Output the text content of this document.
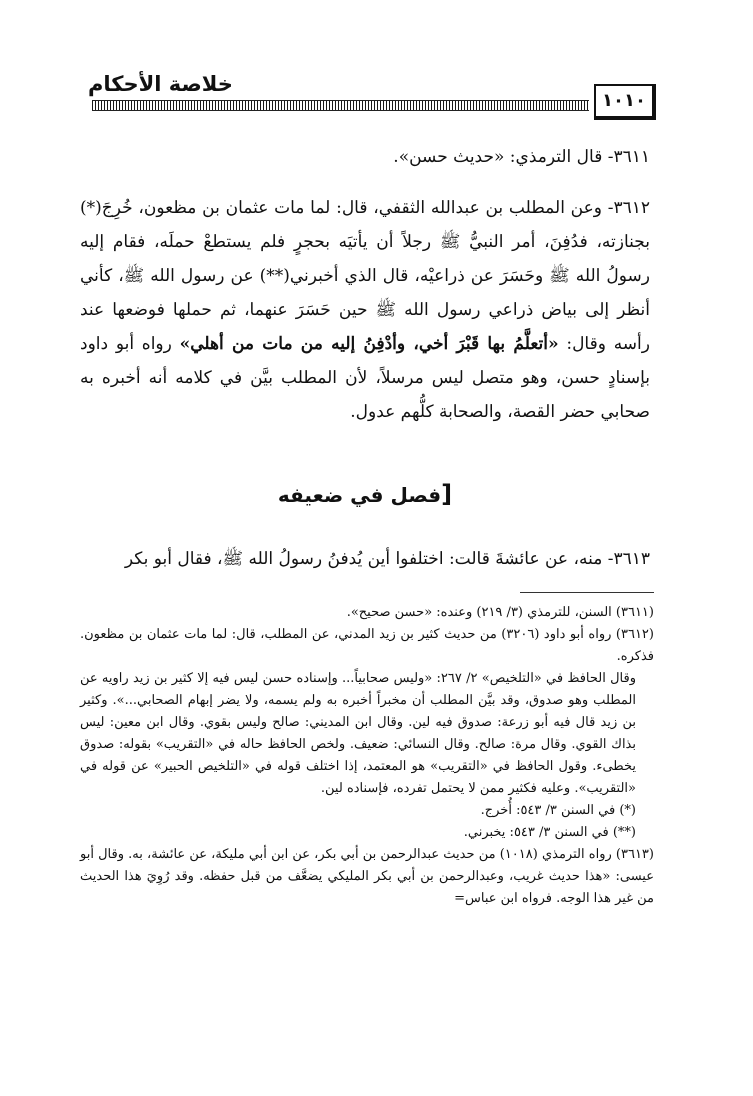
خلاصة الأحكام
١٠١٠

٣٦١١- قال الترمذي: «حديث حسن».

٣٦١٢- وعن المطلب بن عبدالله الثقفي، قال: لما مات عثمان بن مظعون، خُرِجَ(*) بجنازته، فدُفِنَ، أمر النبيُّ ﷺ رجلاً أن يأتيَه بحجرٍ فلم يستطعْ حملَه، فقام إليه رسولُ الله ﷺ وحَسَرَ عن ذراعيْه، قال الذي أخبرني(**) عن رسول الله ﷺ، كأني أنظر إلى بياض ذراعي رسول الله ﷺ حين حَسَرَ عنهما، ثم حملها فوضعها عند رأسه وقال: «أتعلَّمُ بها قَبْرَ أخي، وأدْفِنُ إليه من مات من أهلي» رواه أبو داود بإسنادٍ حسن، وهو متصل ليس مرسلاً، لأن المطلب بيَّن في كلامه أنه أخبره به صحابي حضر القصة، والصحابة كلُّهم عدول.

[فصل في ضعيفه
٣٦١٣- منه، عن عائشةَ قالت: اختلفوا أين يُدفنُ رسولُ الله ﷺ، فقال أبو بكر

(٣٦١١) السنن، للترمذي (٣/ ٢١٩) وعنده: «حسن صحيح».

(٣٦١٢) رواه أبو داود (٣٢٠٦) من حديث كثير بن زيد المدني، عن المطلب، قال: لما مات عثمان بن مظعون. فذكره.

وقال الحافظ في «التلخيص» ٢/ ٢٦٧: «وليس صحابياً... وإسناده حسن ليس فيه إلا كثير بن زيد راويه عن المطلب وهو صدوق، وقد بيَّن المطلب أن مخبراً أخبره به ولم يسمه، ولا يضر إبهام الصحابي...». وكثير بن زيد قال فيه أبو زرعة: صدوق فيه لين. وقال ابن المديني: صالح وليس بقوي. وقال ابن معين: ليس بذاك القوي. وقال مرة: صالح. وقال النسائي: ضعيف. ولخص الحافظ حاله في «التقريب» بقوله: صدوق يخطىء. وقول الحافظ في «التقريب» هو المعتمد، إذا اختلف قوله في «التلخيص الحبير» عن قوله في «التقريب». وعليه فكثير ممن لا يحتمل تفرده، فإسناده لين.

(*) في السنن ٣/ ٥٤٣: أُخرج.

(**) في السنن ٣/ ٥٤٣: يخبرني.

(٣٦١٣) رواه الترمذي (١٠١٨) من حديث عبدالرحمن بن أبي بكر، عن ابن أبي مليكة، عن عائشة، به. وقال أبو عيسى: «هذا حديث غريب، وعبدالرحمن بن أبي بكر المليكي يضعَّف من قبل حفظه. وقد رُوِيَ هذا الحديث من غير هذا الوجه. فرواه ابن عباس=
